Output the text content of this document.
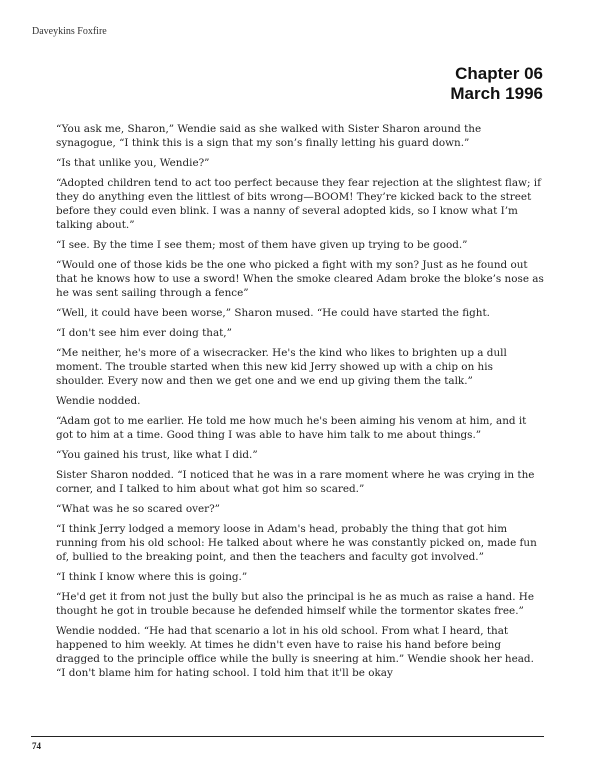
Daveykins Foxfire
Chapter 06
March 1996

“You ask me, Sharon,” Wendie said as she walked with Sister Sharon around the synagogue, “I think this is a sign that my son’s finally letting his guard down.”

“Is that unlike you, Wendie?”

“Adopted children tend to act too perfect because they fear rejection at the slightest flaw; if they do anything even the littlest of bits wrong—BOOM! They’re kicked back to the street before they could even blink. I was a nanny of several adopted kids, so I know what I’m talking about.”

“I see. By the time I see them; most of them have given up trying to be good.”

“Would one of those kids be the one who picked a fight with my son? Just as he found out that he knows how to use a sword! When the smoke cleared Adam broke the bloke’s nose as he was sent sailing through a fence”

“Well, it could have been worse,” Sharon mused. “He could have started the fight.

“I don't see him ever doing that,”

“Me neither, he's more of a wisecracker. He's the kind who likes to brighten up a dull moment. The trouble started when this new kid Jerry showed up with a chip on his shoulder. Every now and then we get one and we end up giving them the talk.”

Wendie nodded.

“Adam got to me earlier. He told me how much he's been aiming his venom at him, and it got to him at a time. Good thing I was able to have him talk to me about things.”

“You gained his trust, like what I did.”

Sister Sharon nodded. “I noticed that he was in a rare moment where he was crying in the corner, and I talked to him about what got him so scared.”

“What was he so scared over?”

“I think Jerry lodged a memory loose in Adam's head, probably the thing that got him running from his old school: He talked about where he was constantly picked on, made fun of, bullied to the breaking point, and then the teachers and faculty got involved.”

“I think I know where this is going.”

“He'd get it from not just the bully but also the principal is he as much as raise a hand. He thought he got in trouble because he defended himself while the tormentor skates free.”

Wendie nodded. “He had that scenario a lot in his old school. From what I heard, that happened to him weekly. At times he didn't even have to raise his hand before being dragged to the principle office while the bully is sneering at him.” Wendie shook her head. “I don't blame him for hating school. I told him that it'll be okay

74
